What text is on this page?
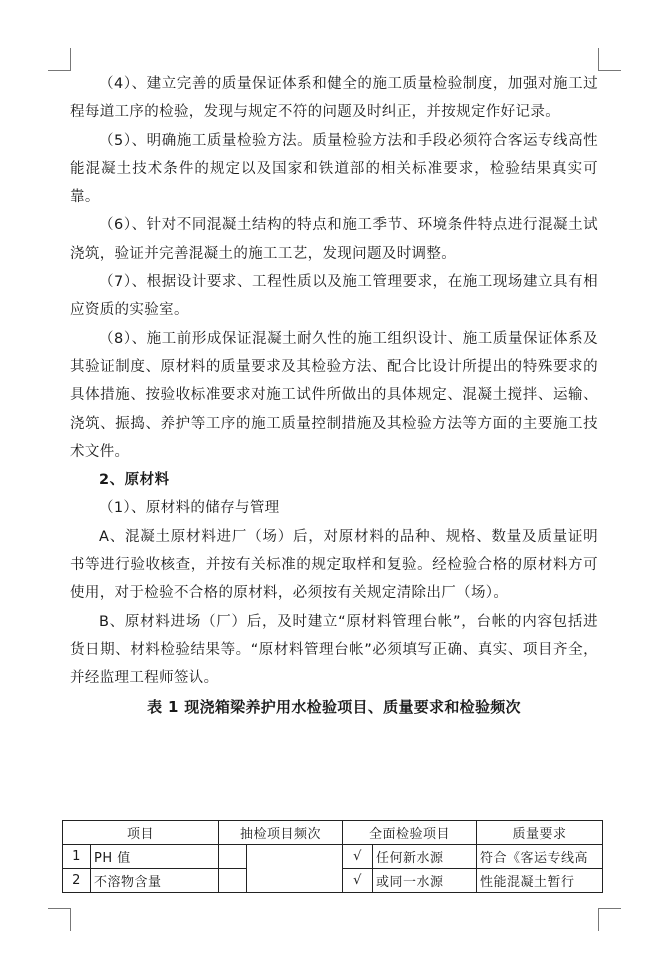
（4）、建立完善的质量保证体系和健全的施工质量检验制度，加强对施工过程每道工序的检验，发现与规定不符的问题及时纠正，并按规定作好记录。

（5）、明确施工质量检验方法。质量检验方法和手段必须符合客运专线高性能混凝土技术条件的规定以及国家和铁道部的相关标准要求，检验结果真实可靠。

（6）、针对不同混凝土结构的特点和施工季节、环境条件特点进行混凝土试浇筑，验证并完善混凝土的施工工艺，发现问题及时调整。

（7）、根据设计要求、工程性质以及施工管理要求，在施工现场建立具有相应资质的实验室。

（8）、施工前形成保证混凝土耐久性的施工组织设计、施工质量保证体系及其验证制度、原材料的质量要求及其检验方法、配合比设计所提出的特殊要求的具体措施、按验收标准要求对施工试件所做出的具体规定、混凝土搅拌、运输、浇筑、振捣、养护等工序的施工质量控制措施及其检验方法等方面的主要施工技术文件。

2、原材料

（1）、原材料的储存与管理

A、混凝土原材料进厂（场）后，对原材料的品种、规格、数量及质量证明书等进行验收核查，并按有关标准的规定取样和复验。经检验合格的原材料方可使用，对于检验不合格的原材料，必须按有关规定清除出厂（场）。

B、原材料进场（厂）后，及时建立“原材料管理台帐”，台帐的内容包括进货日期、材料检验结果等。“原材料管理台帐”必须填写正确、真实、项目齐全，并经监理工程师签认。

表 1 现浇箱梁养护用水检验项目、质量要求和检验频次

项目		抽检项目频次		全面检验项目		质量要求
1	PH 值			√	任何新水源	符合《客运专线高
2	不溶物含量			√	或同一水源	性能混凝土暂行
